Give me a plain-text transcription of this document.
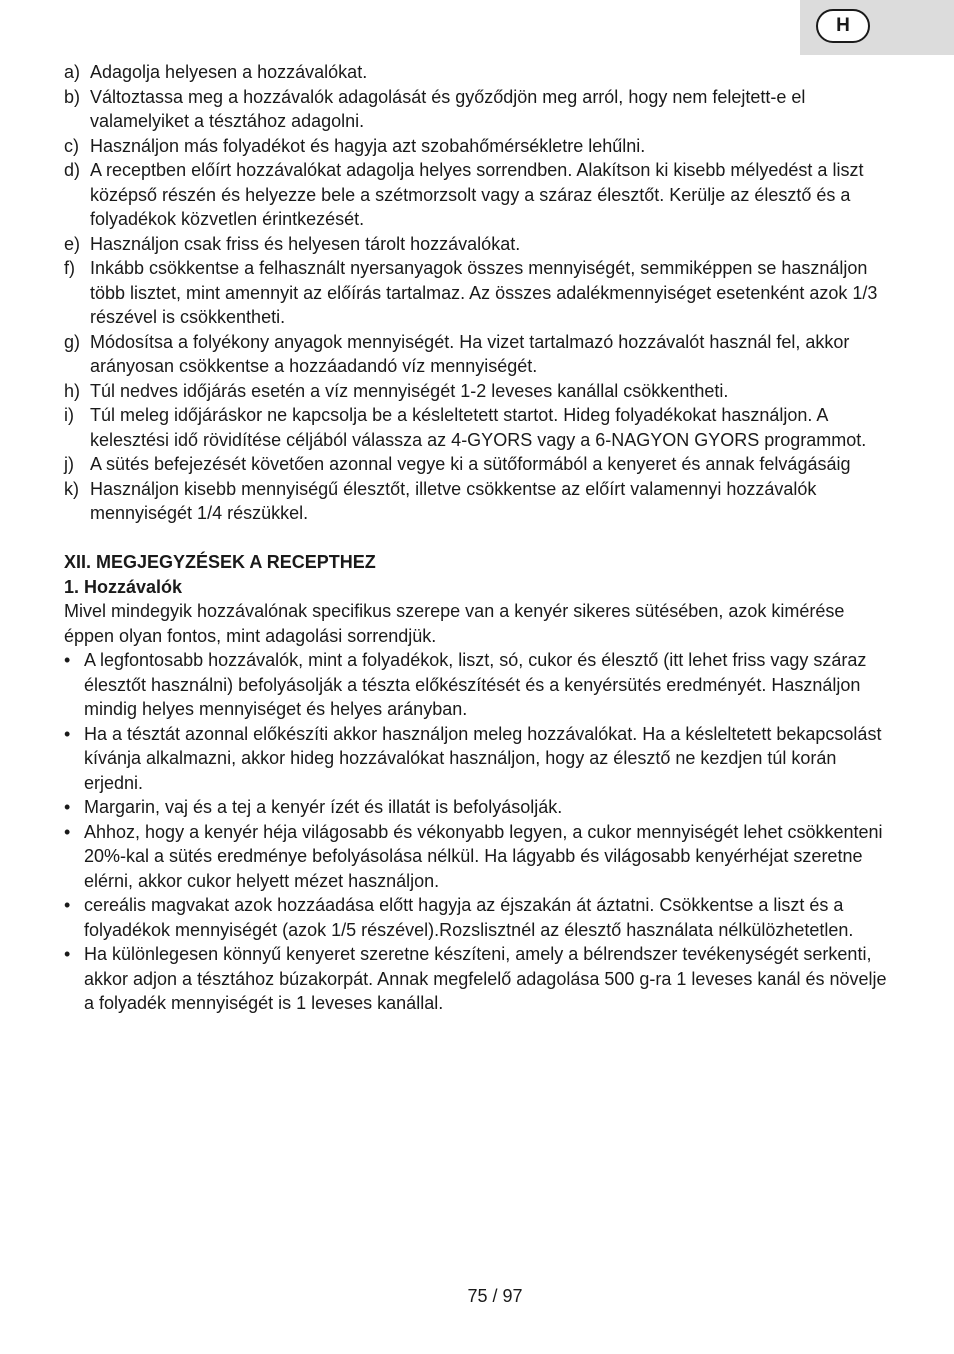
H
a) Adagolja helyesen a hozzávalókat.
b) Változtassa meg a hozzávalók adagolását és győződjön meg arról, hogy nem felejtett-e el valamelyiket a tésztához adagolni.
c) Használjon más folyadékot és hagyja azt szobahőmérsékletre lehűlni.
d) A receptben előírt hozzávalókat adagolja helyes sorrendben. Alakítson ki kisebb mélyedést a liszt középső részén és helyezze bele a szétmorzsolt vagy a száraz élesztőt. Kerülje az élesztő és a folyadékok közvetlen érintkezését.
e) Használjon csak friss és helyesen tárolt hozzávalókat.
f) Inkább csökkentse a felhasznált nyersanyagok összes mennyiségét, semmiképpen se használjon több lisztet, mint amennyit az előírás tartalmaz. Az összes adalékmennyiséget esetenként azok 1/3 részével is csökkentheti.
g) Módosítsa a folyékony anyagok mennyiségét. Ha vizet tartalmazó hozzávalót használ fel, akkor arányosan csökkentse a hozzáadandó víz mennyiségét.
h) Túl nedves időjárás esetén a víz mennyiségét 1-2 leveses kanállal csökkentheti.
i) Túl meleg időjáráskor ne kapcsolja be a késleltetett startot. Hideg folyadékokat használjon. A kelesztési idő rövidítése céljából válassza az 4-GYORS vagy a 6-NAGYON GYORS programmot.
j) A sütés befejezését követően azonnal vegye ki a sütőformából a kenyeret és annak felvágásáig
k) Használjon kisebb mennyiségű élesztőt, illetve csökkentse az előírt valamennyi hozzávalók mennyiségét 1/4 részükkel.

XII. MEGJEGYZÉSEK A RECEPTHEZ

1. Hozzávalók

Mivel mindegyik hozzávalónak specifikus szerepe van a kenyér sikeres sütésében, azok kimérése éppen olyan fontos, mint adagolási sorrendjük.

• A legfontosabb hozzávalók, mint a folyadékok, liszt, só, cukor és élesztő (itt lehet friss vagy száraz élesztőt használni) befolyásolják a tészta előkészítését és a kenyérsütés eredményét. Használjon mindig helyes mennyiséget és helyes arányban.
• Ha a tésztát azonnal előkészíti akkor használjon meleg hozzávalókat. Ha a késleltetett bekapcsolást kívánja alkalmazni, akkor hideg hozzávalókat használjon, hogy az élesztő ne kezdjen túl korán erjedni.
• Margarin, vaj és a tej a kenyér ízét és illatát is befolyásolják.
• Ahhoz, hogy a kenyér héja világosabb és vékonyabb legyen, a cukor mennyiségét lehet csökkenteni 20%-kal a sütés eredménye befolyásolása nélkül. Ha lágyabb és világosabb kenyérhéjat szeretne elérni, akkor cukor helyett mézet használjon.
• cereális magvakat azok hozzáadása előtt hagyja az éjszakán át áztatni. Csökkentse a liszt és a folyadékok mennyiségét (azok 1/5 részével).Rozslisztnél az élesztő használata nélkülözhetetlen.
• Ha különlegesen könnyű kenyeret szeretne készíteni, amely a bélrendszer tevékenységét serkenti, akkor adjon a tésztához búzakorpát. Annak megfelelő adagolása 500 g-ra 1 leveses kanál és növelje a folyadék mennyiségét is 1 leveses kanállal.
75 / 97
